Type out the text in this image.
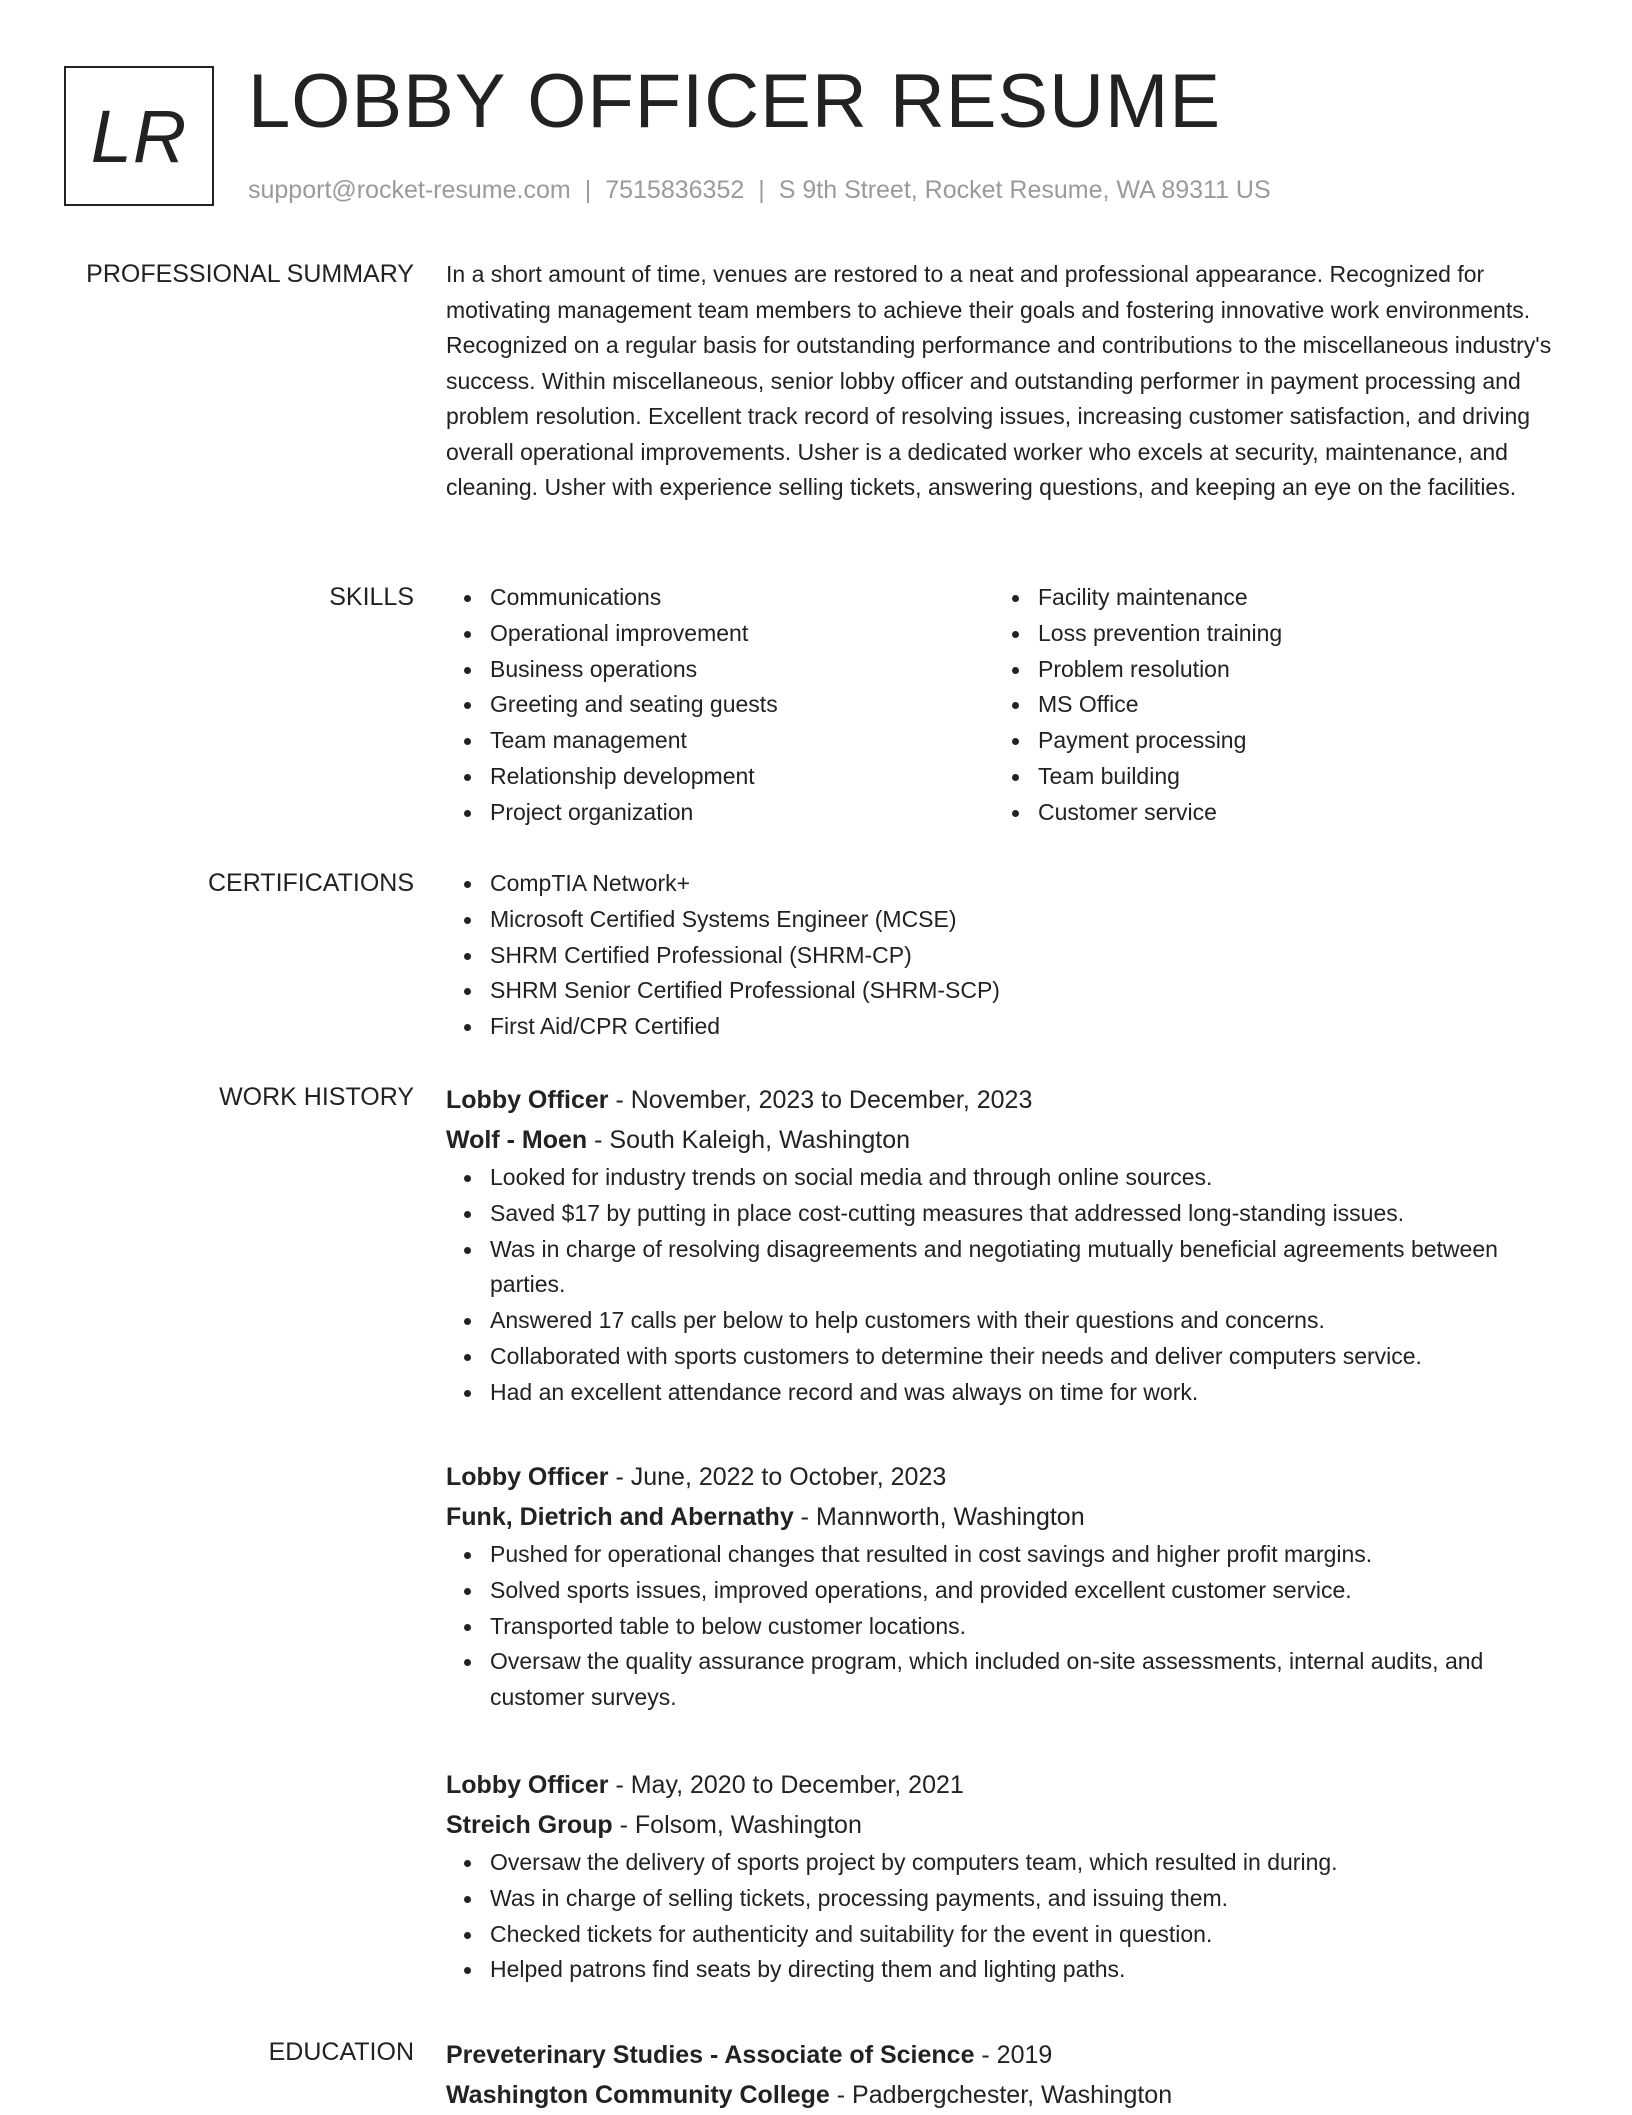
LR LOBBY OFFICER RESUME
support@rocket-resume.com | 7515836352 | S 9th Street, Rocket Resume, WA 89311 US
PROFESSIONAL SUMMARY In a short amount of time, venues are restored to a neat and professional appearance. Recognized for motivating management team members to achieve their goals and fostering innovative work environments. Recognized on a regular basis for outstanding performance and contributions to the miscellaneous industry's success. Within miscellaneous, senior lobby officer and outstanding performer in payment processing and problem resolution. Excellent track record of resolving issues, increasing customer satisfaction, and driving overall operational improvements. Usher is a dedicated worker who excels at security, maintenance, and cleaning. Usher with experience selling tickets, answering questions, and keeping an eye on the facilities.

SKILLS	Communications
Operational improvement
Business operations
Greeting and seating guests
Team management
Relationship development
Project organization
Facility maintenance
Loss prevention training
Problem resolution
MS Office
Payment processing
Team building
Customer service
CERTIFICATIONS	CompTIA Network+
Microsoft Certified Systems Engineer (MCSE)
SHRM Certified Professional (SHRM-CP)
SHRM Senior Certified Professional (SHRM-SCP)
First Aid/CPR Certified
WORK HISTORY Lobby Officer - November, 2023 to December, 2023
Wolf - Moen - South Kaleigh, Washington
Looked for industry trends on social media and through online sources.
Saved $17 by putting in place cost-cutting measures that addressed long-standing issues.
Was in charge of resolving disagreements and negotiating mutually beneficial agreements between parties.
Answered 17 calls per below to help customers with their questions and concerns.
Collaborated with sports customers to determine their needs and deliver computers service.
Had an excellent attendance record and was always on time for work.
Lobby Officer - June, 2022 to October, 2023
Funk, Dietrich and Abernathy - Mannworth, Washington
Pushed for operational changes that resulted in cost savings and higher profit margins.
Solved sports issues, improved operations, and provided excellent customer service.
Transported table to below customer locations.
Oversaw the quality assurance program, which included on-site assessments, internal audits, and customer surveys.
Lobby Officer - May, 2020 to December, 2021
Streich Group - Folsom, Washington
Oversaw the delivery of sports project by computers team, which resulted in during.
Was in charge of selling tickets, processing payments, and issuing them.
Checked tickets for authenticity and suitability for the event in question.
Helped patrons find seats by directing them and lighting paths.
EDUCATION Preveterinary Studies - Associate of Science - 2019
Washington Community College - Padbergchester, Washington
